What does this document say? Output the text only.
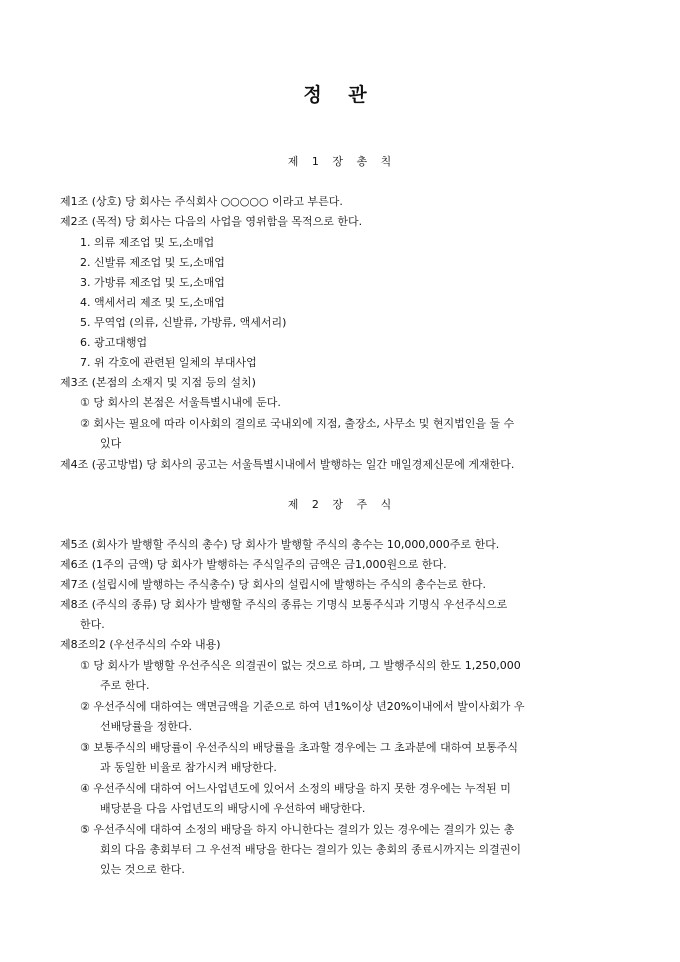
정 관
제 1 장 총 칙
제1조 (상호) 당 회사는 주식회사 ○○○○○ 이라고 부른다.
제2조 (목적) 당 회사는 다음의 사업을 영위함을 목적으로 한다.
1. 의류 제조업 및 도,소매업
2. 신발류 제조업 및 도,소매업
3. 가방류 제조업 및 도,소매업
4. 액세서리 제조 및 도,소매업
5. 무역업 (의류, 신발류, 가방류, 액세서리)
6. 광고대행업
7. 위 각호에 관련된 일체의 부대사업
제3조 (본점의 소재지 및 지점 등의 설치)
① 당 회사의 본점은 서울특별시내에 둔다.
② 회사는 필요에 따라 이사회의 결의로 국내외에 지점, 출장소, 사무소 및 현지법인을 둘 수
있다
제4조 (공고방법) 당 회사의 공고는 서울특별시내에서 발행하는 일간 매일경제신문에 게재한다.
제 2 장 주 식
제5조 (회사가 발행할 주식의 총수) 당 회사가 발행할 주식의 총수는 10,000,000주로 한다.
제6조 (1주의 금액) 당 회사가 발행하는 주식일주의 금액은 금1,000원으로 한다.
제7조 (설립시에 발행하는 주식총수) 당 회사의 설립시에 발행하는 주식의 총수는로 한다.
제8조 (주식의 종류) 당 회사가 발행할 주식의 종류는 기명식 보통주식과 기명식 우선주식으로
한다.
제8조의2 (우선주식의 수와 내용)
① 당 회사가 발행할 우선주식은 의결권이 없는 것으로 하며, 그 발행주식의 한도 1,250,000
주로 한다.
② 우선주식에 대하여는 액면금액을 기준으로 하여 년1%이상 년20%이내에서 발이사회가 우
선배당률을 정한다.
③ 보통주식의 배당률이 우선주식의 배당률을 초과할 경우에는 그 초과분에 대하여 보통주식
과 동일한 비율로 참가시켜 배당한다.
④ 우선주식에 대하여 어느사업년도에 있어서 소정의 배당을 하지 못한 경우에는 누적된 미
배당분을 다음 사업년도의 배당시에 우선하여 배당한다.
⑤ 우선주식에 대하여 소정의 배당을 하지 아니한다는 결의가 있는 경우에는 결의가 있는 총
회의 다음 총회부터 그 우선적 배당을 한다는 결의가 있는 총회의 종료시까지는 의결권이
있는 것으로 한다.
